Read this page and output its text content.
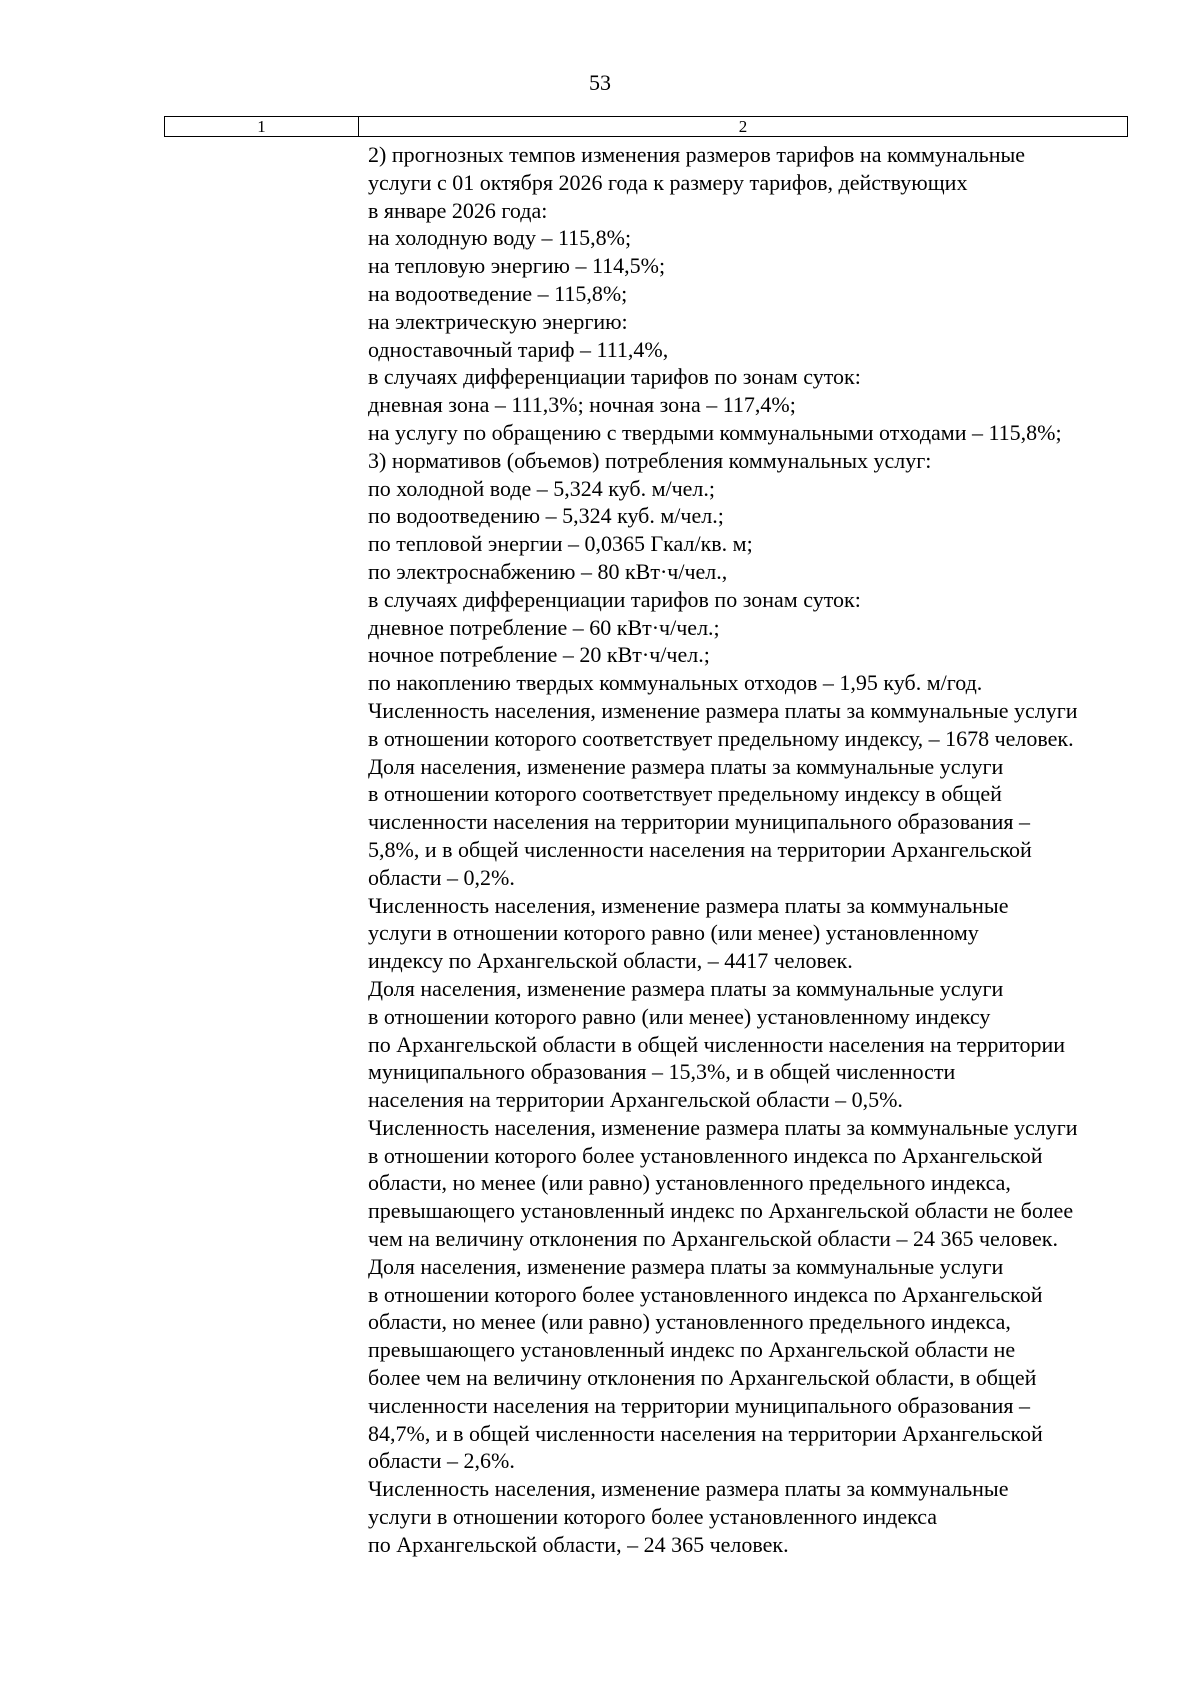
53
1	2
2) прогнозных темпов изменения размеров тарифов на коммунальные
услуги с 01 октября 2026 года к размеру тарифов, действующих
в январе 2026 года:
на холодную воду – 115,8%;
на тепловую энергию – 114,5%;
на водоотведение – 115,8%;
на электрическую энергию:
одноставочный тариф – 111,4%,
в случаях дифференциации тарифов по зонам суток:
дневная зона – 111,3%; ночная зона – 117,4%;
на услугу по обращению с твердыми коммунальными отходами – 115,8%;
3) нормативов (объемов) потребления коммунальных услуг:
по холодной воде – 5,324 куб. м/чел.;
по водоотведению – 5,324 куб. м/чел.;
по тепловой энергии – 0,0365 Гкал/кв. м;
по электроснабжению – 80 кВт·ч/чел.,
в случаях дифференциации тарифов по зонам суток:
дневное потребление – 60 кВт·ч/чел.;
ночное потребление – 20 кВт·ч/чел.;
по накоплению твердых коммунальных отходов – 1,95 куб. м/год.
Численность населения, изменение размера платы за коммунальные услуги
в отношении которого соответствует предельному индексу, – 1678 человек.
Доля населения, изменение размера платы за коммунальные услуги
в отношении которого соответствует предельному индексу в общей
численности населения на территории муниципального образования –
5,8%, и в общей численности населения на территории Архангельской
области – 0,2%.
Численность населения, изменение размера платы за коммунальные
услуги в отношении которого равно (или менее) установленному
индексу по Архангельской области, – 4417 человек.
Доля населения, изменение размера платы за коммунальные услуги
в отношении которого равно (или менее) установленному индексу
по Архангельской области в общей численности населения на территории
муниципального образования – 15,3%, и в общей численности
населения на территории Архангельской области – 0,5%.
Численность населения, изменение размера платы за коммунальные услуги
в отношении которого более установленного индекса по Архангельской
области, но менее (или равно) установленного предельного индекса,
превышающего установленный индекс по Архангельской области не более
чем на величину отклонения по Архангельской области – 24 365 человек.
Доля населения, изменение размера платы за коммунальные услуги
в отношении которого более установленного индекса по Архангельской
области, но менее (или равно) установленного предельного индекса,
превышающего установленный индекс по Архангельской области не
более чем на величину отклонения по Архангельской области, в общей
численности населения на территории муниципального образования –
84,7%, и в общей численности населения на территории Архангельской
области – 2,6%.
Численность населения, изменение размера платы за коммунальные
услуги в отношении которого более установленного индекса
по Архангельской области, – 24 365 человек.
